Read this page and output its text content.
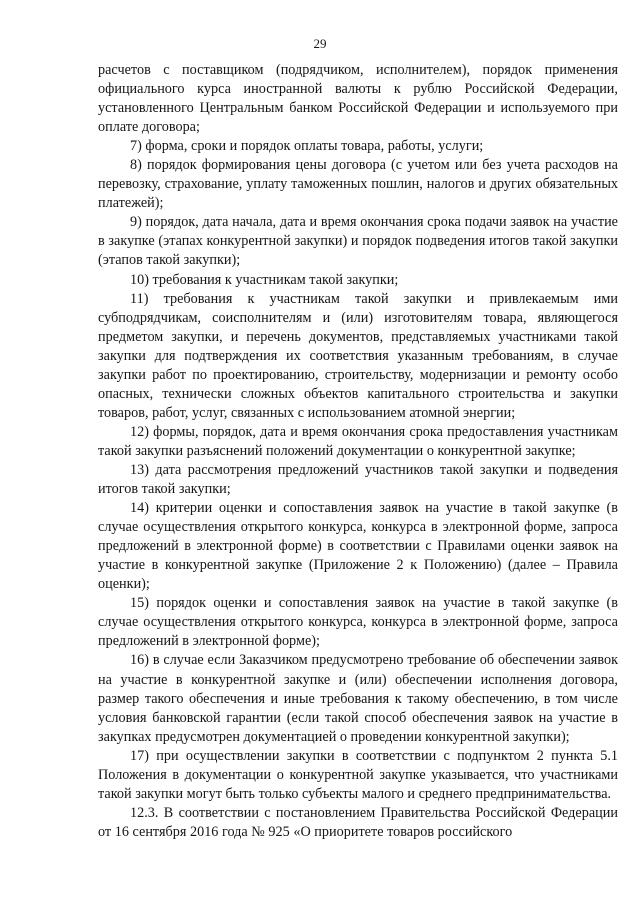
29

расчетов с поставщиком (подрядчиком, исполнителем), порядок применения официального курса иностранной валюты к рублю Российской Федерации, установленного Центральным банком Российской Федерации и используемого при оплате договора;

7) форма, сроки и порядок оплаты товара, работы, услуги;

8) порядок формирования цены договора (с учетом или без учета расходов на перевозку, страхование, уплату таможенных пошлин, налогов и других обязательных платежей);

9) порядок, дата начала, дата и время окончания срока подачи заявок на участие в закупке (этапах конкурентной закупки) и порядок подведения итогов такой закупки (этапов такой закупки);

10) требования к участникам такой закупки;

11) требования к участникам такой закупки и привлекаемым ими субподрядчикам, соисполнителям и (или) изготовителям товара, являющегося предметом закупки, и перечень документов, представляемых участниками такой закупки для подтверждения их соответствия указанным требованиям, в случае закупки работ по проектированию, строительству, модернизации и ремонту особо опасных, технически сложных объектов капитального строительства и закупки товаров, работ, услуг, связанных с использованием атомной энергии;

12) формы, порядок, дата и время окончания срока предоставления участникам такой закупки разъяснений положений документации о конкурентной закупке;

13) дата рассмотрения предложений участников такой закупки и подведения итогов такой закупки;

14) критерии оценки и сопоставления заявок на участие в такой закупке (в случае осуществления открытого конкурса, конкурса в электронной форме, запроса предложений в электронной форме) в соответствии с Правилами оценки заявок на участие в конкурентной закупке (Приложение 2 к Положению) (далее – Правила оценки);

15) порядок оценки и сопоставления заявок на участие в такой закупке (в случае осуществления открытого конкурса, конкурса в электронной форме, запроса предложений в электронной форме);

16) в случае если Заказчиком предусмотрено требование об обеспечении заявок на участие в конкурентной закупке и (или) обеспечении исполнения договора, размер такого обеспечения и иные требования к такому обеспечению, в том числе условия банковской гарантии (если такой способ обеспечения заявок на участие в закупках предусмотрен документацией о проведении конкурентной закупки);

17) при осуществлении закупки в соответствии с подпунктом 2 пункта 5.1 Положения в документации о конкурентной закупке указывается, что участниками такой закупки могут быть только субъекты малого и среднего предпринимательства.

12.3. В соответствии с постановлением Правительства Российской Федерации от 16 сентября 2016 года № 925 «О приоритете товаров российского
